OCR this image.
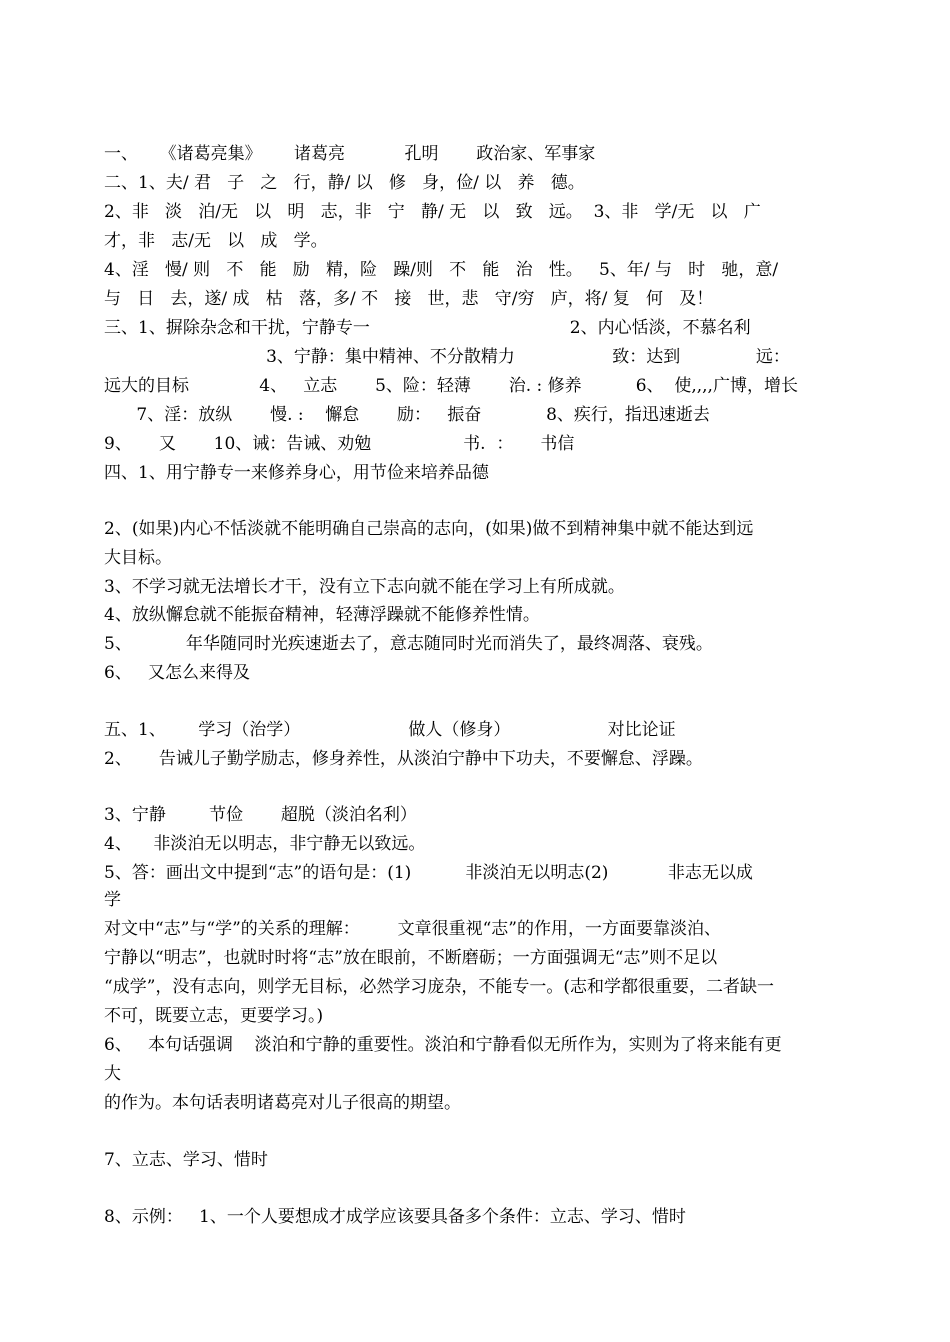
一、    《诸葛亮集》      诸葛亮           孔明       政治家、军事家
二、1、夫/ 君   子   之   行，静/ 以   修   身，俭/ 以   养   德。
2、非   淡   泊/无   以   明   志，非   宁   静/ 无   以   致   远。  3、非   学/无   以   广
才，非   志/无   以   成   学。
4、淫   慢/ 则   不   能   励   精，险   躁/则   不   能   治   性。   5、年/ 与   时   驰，意/
与   日   去，遂/ 成   枯   落，多/ 不   接   世，悲   守/穷   庐，将/ 复   何   及！
三、1、摒除杂念和干扰，宁静专一                                     2、内心恬淡，不慕名利
3、宁静：集中精神、不分散精力                  致：达到              远：
远大的目标             4、   立志       5、险：轻薄       治. : 修养          6、  使,,,,广博，增长
7、淫：放纵       慢. :    懈怠       励：   振奋            8、疾行，指迅速逝去
9、     又       10、诫：告诫、劝勉                 书.  ：     书信
四、1、用宁静专一来修养身心，用节俭来培养品德
2、(如果)内心不恬淡就不能明确自己崇高的志向，(如果)做不到精神集中就不能达到远
大目标。
3、不学习就无法增长才干，没有立下志向就不能在学习上有所成就。
4、放纵懈怠就不能振奋精神，轻薄浮躁就不能修养性情。
5、          年华随同时光疾速逝去了，意志随同时光而消失了，最终凋落、衰残。
6、   又怎么来得及
五、1、      学习（治学）                    做人（修身）                  对比论证
2、     告诫儿子勤学励志，修身养性，从淡泊宁静中下功夫，不要懈怠、浮躁。
3、宁静        节俭       超脱（淡泊名利）
4、    非淡泊无以明志，非宁静无以致远。
5、答：画出文中提到“志”的语句是：(1)          非淡泊无以明志(2)           非志无以成
学
对文中“志”与“学”的关系的理解：       文章很重视“志”的作用，一方面要靠淡泊、
宁静以“明志”，也就时时将“志”放在眼前，不断磨砺；一方面强调无“志”则不足以
“成学”，没有志向，则学无目标，必然学习庞杂，不能专一。(志和学都很重要，二者缺一
不可，既要立志，更要学习。)
6、   本句话强调    淡泊和宁静的重要性。淡泊和宁静看似无所作为，实则为了将来能有更
大
的作为。本句话表明诸葛亮对儿子很高的期望。
7、立志、学习、惜时
8、示例：   1、一个人要想成才成学应该要具备多个条件：立志、学习、惜时
